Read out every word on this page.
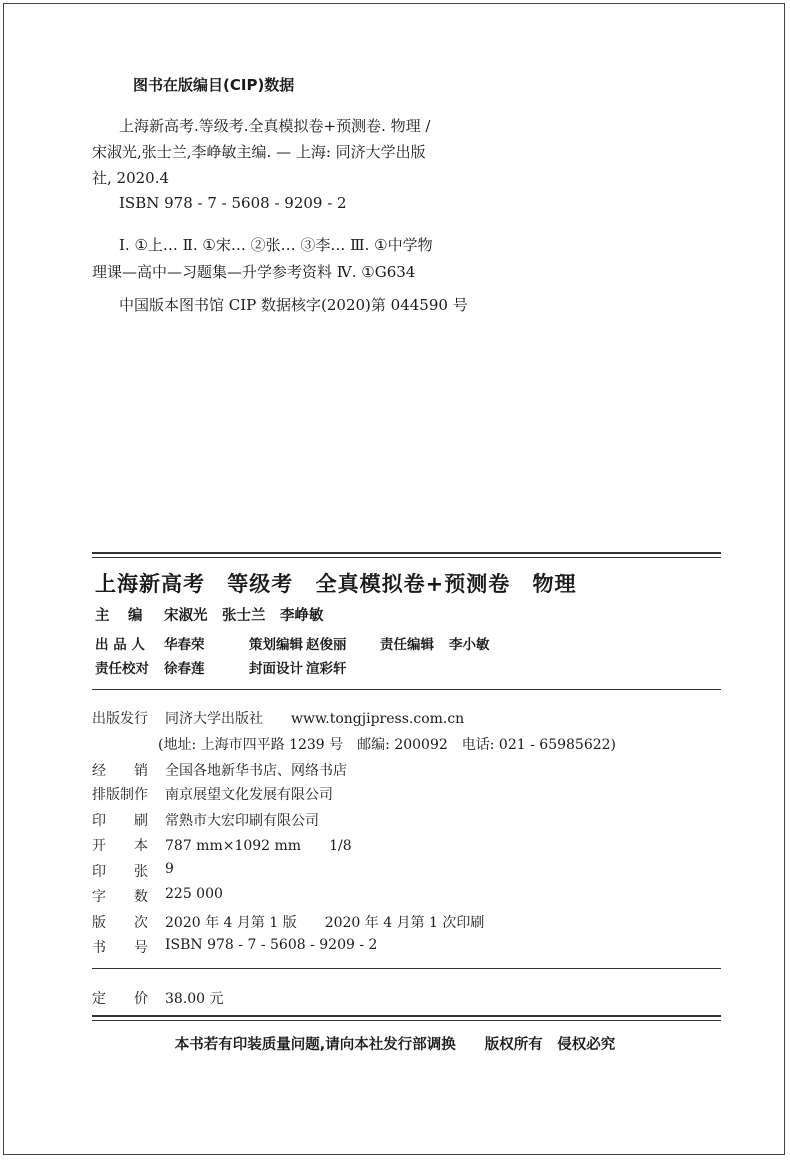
图书在版编目(CIP)数据
上海新高考.等级考.全真模拟卷+预测卷. 物理 /
宋淑光,张士兰,李峥敏主编. — 上海: 同济大学出版
社, 2020.4
ISBN 978 - 7 - 5608 - 9209 - 2
Ⅰ. ①上… Ⅱ. ①宋… ②张… ③李… Ⅲ. ①中学物
理课—高中—习题集—升学参考资料 Ⅳ. ①G634
中国版本图书馆 CIP 数据核字(2020)第 044590 号
上海新高考 等级考 全真模拟卷+预测卷 物理
主　编 宋淑光　张士兰　李峥敏
出 品 人 华春荣	策划编辑 赵俊丽 责任编辑 李小敏
责任校对 徐春莲	封面设计 渲彩轩
出版发行 同济大学出版社　　www.tongjipress.com.cn
(地址: 上海市四平路 1239 号　邮编: 200092　电话: 021 - 65985622)
经　　销 全国各地新华书店、网络书店
排版制作 南京展望文化发展有限公司
印　　刷 常熟市大宏印刷有限公司
开　　本 787 mm×1092 mm　　1/8
印　　张 9
字　　数 225 000
版　　次 2020 年 4 月第 1 版　　2020 年 4 月第 1 次印刷
书　　号 ISBN 978 - 7 - 5608 - 9209 - 2
定　　价 38.00 元
本书若有印装质量问题,请向本社发行部调换　　版权所有　侵权必究
